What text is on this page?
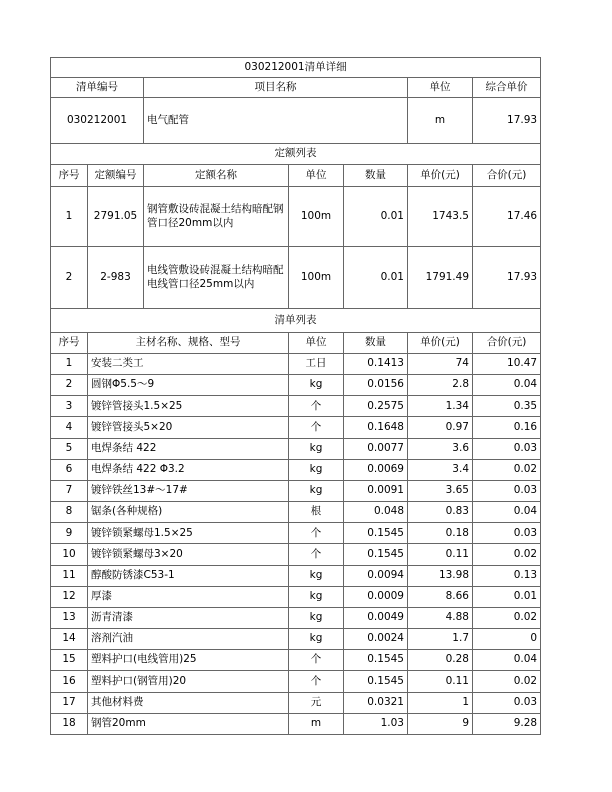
030212001清单详细						
清单编号		项目名称			单位	综合单价
030212001		电气配管			m	17.93
定额列表						
序号	定额编号	定额名称	单位	数量	单价(元)	合价(元)
1	2791.05	钢管敷设砖混凝土结构暗配钢管口径20mm以内	100m	0.01	1743.5	17.46
2	2-983	电线管敷设砖混凝土结构暗配电线管口径25mm以内	100m	0.01	1791.49	17.93
清单列表						
序号	主材名称、规格、型号		单位	数量	单价(元)	合价(元)
1	安装二类工		工日	0.1413	74	10.47
2	圆钢Φ5.5～9		kg	0.0156	2.8	0.04
3	镀锌管接头1.5×25		个	0.2575	1.34	0.35
4	镀锌管接头5×20		个	0.1648	0.97	0.16
5	电焊条结 422		kg	0.0077	3.6	0.03
6	电焊条结 422 Φ3.2		kg	0.0069	3.4	0.02
7	镀锌铁丝13#～17#		kg	0.0091	3.65	0.03
8	锯条(各种规格)		根	0.048	0.83	0.04
9	镀锌锁紧螺母1.5×25		个	0.1545	0.18	0.03
10	镀锌锁紧螺母3×20		个	0.1545	0.11	0.02
11	醇酸防锈漆C53-1		kg	0.0094	13.98	0.13
12	厚漆		kg	0.0009	8.66	0.01
13	沥青清漆		kg	0.0049	4.88	0.02
14	溶剂汽油		kg	0.0024	1.7	0
15	塑料护口(电线管用)25		个	0.1545	0.28	0.04
16	塑料护口(钢管用)20		个	0.1545	0.11	0.02
17	其他材料费		元	0.0321	1	0.03
18	钢管20mm		m	1.03	9	9.28
